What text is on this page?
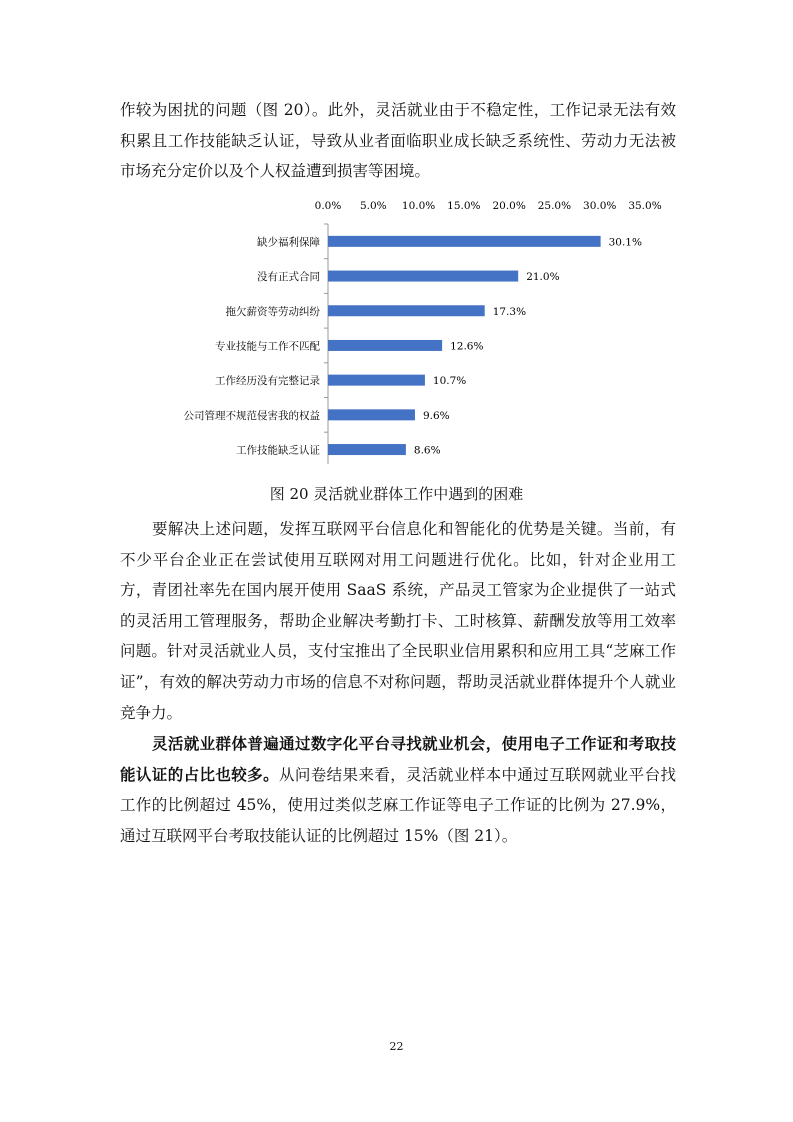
作较为困扰的问题（图 20）。此外，灵活就业由于不稳定性，工作记录无法有效积累且工作技能缺乏认证，导致从业者面临职业成长缺乏系统性、劳动力无法被市场充分定价以及个人权益遭到损害等困境。

0.0% 5.0% 10.0% 15.0% 20.0% 25.0% 30.0% 35.0%
缺少福利保障	30.1%
没有正式合同	21.0%
拖欠薪资等劳动纠纷	17.3%
专业技能与工作不匹配	12.6%
工作经历没有完整记录	10.7%
公司管理不规范侵害我的权益	9.6%
工作技能缺乏认证	8.6%
图 20 灵活就业群体工作中遇到的困难

要解决上述问题，发挥互联网平台信息化和智能化的优势是关键。当前，有不少平台企业正在尝试使用互联网对用工问题进行优化。比如，针对企业用工方，青团社率先在国内展开使用 SaaS 系统，产品灵工管家为企业提供了一站式的灵活用工管理服务，帮助企业解决考勤打卡、工时核算、薪酬发放等用工效率问题。针对灵活就业人员，支付宝推出了全民职业信用累积和应用工具“芝麻工作证”，有效的解决劳动力市场的信息不对称问题，帮助灵活就业群体提升个人就业竞争力。

灵活就业群体普遍通过数字化平台寻找就业机会，使用电子工作证和考取技能认证的占比也较多。从问卷结果来看，灵活就业样本中通过互联网就业平台找工作的比例超过 45%，使用过类似芝麻工作证等电子工作证的比例为 27.9%，通过互联网平台考取技能认证的比例超过 15%（图 21）。

22
